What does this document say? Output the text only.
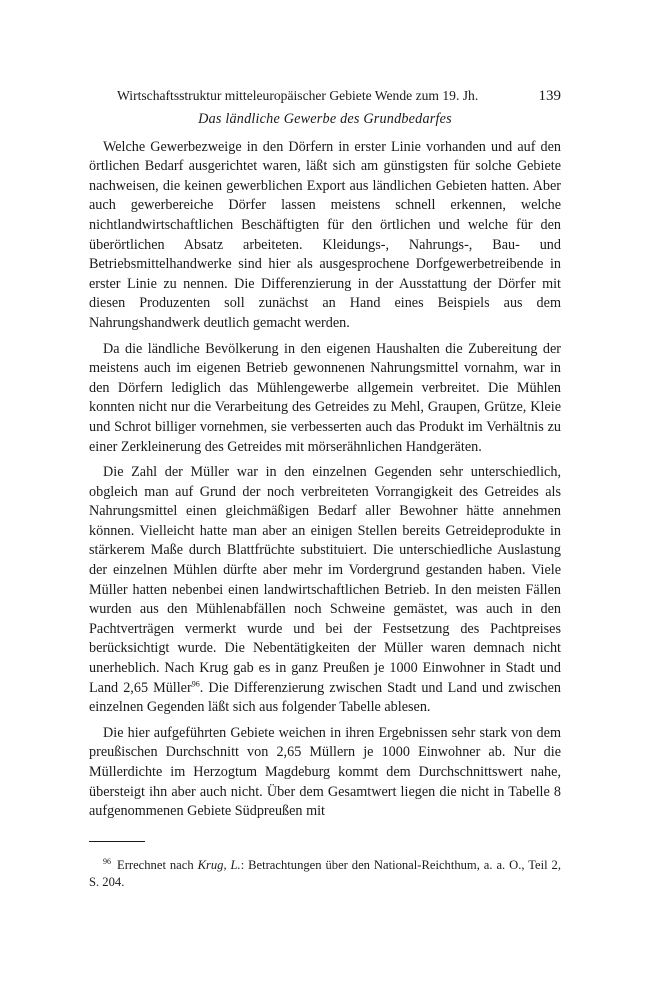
Wirtschaftsstruktur mitteleuropäischer Gebiete Wende zum 19. Jh.	139
Das ländliche Gewerbe des Grundbedarfes

Welche Gewerbezweige in den Dörfern in erster Linie vorhanden und auf den örtlichen Bedarf ausgerichtet waren, läßt sich am günstigsten für solche Gebiete nachweisen, die keinen gewerblichen Export aus ländlichen Gebieten hatten. Aber auch gewerbereiche Dörfer lassen meistens schnell erkennen, welche nichtlandwirtschaftlichen Beschäftigten für den örtlichen und welche für den überörtlichen Absatz arbeiteten. Kleidungs-, Nahrungs-, Bau- und Betriebsmittelhandwerke sind hier als ausgesprochene Dorfgewerbetreibende in erster Linie zu nennen. Die Differenzierung in der Ausstattung der Dörfer mit diesen Produzenten soll zunächst an Hand eines Beispiels aus dem Nahrungshandwerk deutlich gemacht werden.

Da die ländliche Bevölkerung in den eigenen Haushalten die Zubereitung der meistens auch im eigenen Betrieb gewonnenen Nahrungsmittel vornahm, war in den Dörfern lediglich das Mühlengewerbe allgemein verbreitet. Die Mühlen konnten nicht nur die Verarbeitung des Getreides zu Mehl, Graupen, Grütze, Kleie und Schrot billiger vornehmen, sie verbesserten auch das Produkt im Verhältnis zu einer Zerkleinerung des Getreides mit mörserähnlichen Handgeräten.

Die Zahl der Müller war in den einzelnen Gegenden sehr unterschiedlich, obgleich man auf Grund der noch verbreiteten Vorrangigkeit des Getreides als Nahrungsmittel einen gleichmäßigen Bedarf aller Bewohner hätte annehmen können. Vielleicht hatte man aber an einigen Stellen bereits Getreideprodukte in stärkerem Maße durch Blattfrüchte substituiert. Die unterschiedliche Auslastung der einzelnen Mühlen dürfte aber mehr im Vordergrund gestanden haben. Viele Müller hatten nebenbei einen landwirtschaftlichen Betrieb. In den meisten Fällen wurden aus den Mühlenabfällen noch Schweine gemästet, was auch in den Pachtverträgen vermerkt wurde und bei der Festsetzung des Pachtpreises berücksichtigt wurde. Die Nebentätigkeiten der Müller waren demnach nicht unerheblich. Nach Krug gab es in ganz Preußen je 1000 Einwohner in Stadt und Land 2,65 Müller$^{96}$. Die Differenzierung zwischen Stadt und Land und zwischen einzelnen Gegenden läßt sich aus folgender Tabelle ablesen.

Die hier aufgeführten Gebiete weichen in ihren Ergebnissen sehr stark von dem preußischen Durchschnitt von 2,65 Müllern je 1000 Einwohner ab. Nur die Müllerdichte im Herzogtum Magdeburg kommt dem Durchschnittswert nahe, übersteigt ihn aber auch nicht. Über dem Gesamtwert liegen die nicht in Tabelle 8 aufgenommenen Gebiete Südpreußen mit

$^{96}$ Errechnet nach Krug, L.: Betrachtungen über den National-Reichthum, a. a. O., Teil 2, S. 204.
